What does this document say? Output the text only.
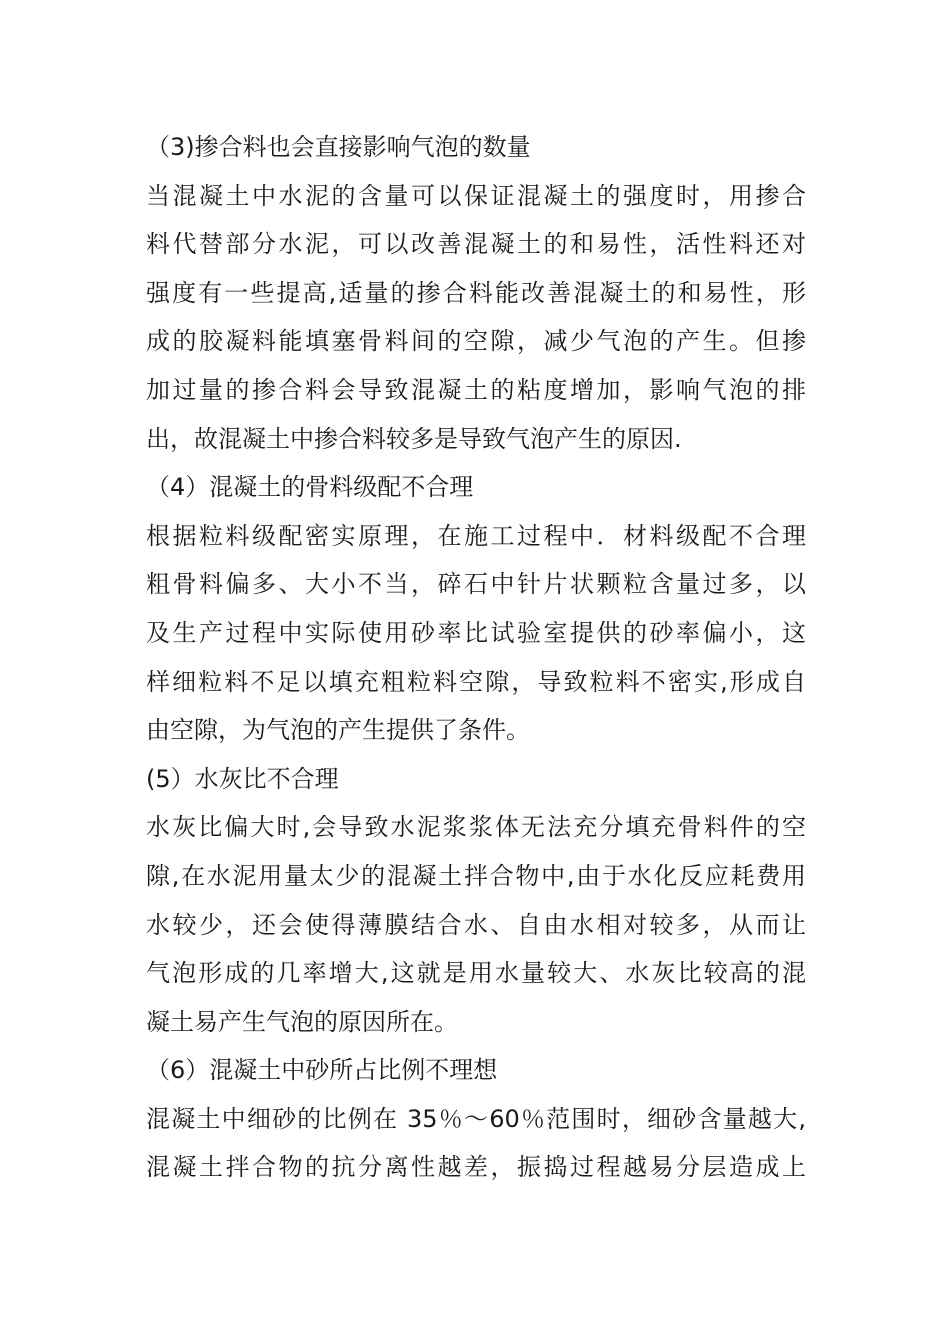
（3)掺合料也会直接影响气泡的数量
当混凝土中水泥的含量可以保证混凝土的强度时，用掺合
料代替部分水泥，可以改善混凝土的和易性，活性料还对
强度有一些提高,适量的掺合料能改善混凝土的和易性，形
成的胶凝料能填塞骨料间的空隙，减少气泡的产生。但掺
加过量的掺合料会导致混凝土的粘度增加，影响气泡的排
出，故混凝土中掺合料较多是导致气泡产生的原因.
（4）混凝土的骨料级配不合理
根据粒料级配密实原理，在施工过程中．材料级配不合理
粗骨料偏多、大小不当，碎石中针片状颗粒含量过多，以
及生产过程中实际使用砂率比试验室提供的砂率偏小，这
样细粒料不足以填充粗粒料空隙，导致粒料不密实,形成自
由空隙，为气泡的产生提供了条件。
(5）水灰比不合理
水灰比偏大时,会导致水泥浆浆体无法充分填充骨料件的空
隙,在水泥用量太少的混凝土拌合物中,由于水化反应耗费用
水较少，还会使得薄膜结合水、自由水相对较多，从而让
气泡形成的几率增大,这就是用水量较大、水灰比较高的混
凝土易产生气泡的原因所在。
（6）混凝土中砂所占比例不理想
混凝土中细砂的比例在 35％～60％范围时，细砂含量越大,
混凝土拌合物的抗分离性越差，振捣过程越易分层造成上
